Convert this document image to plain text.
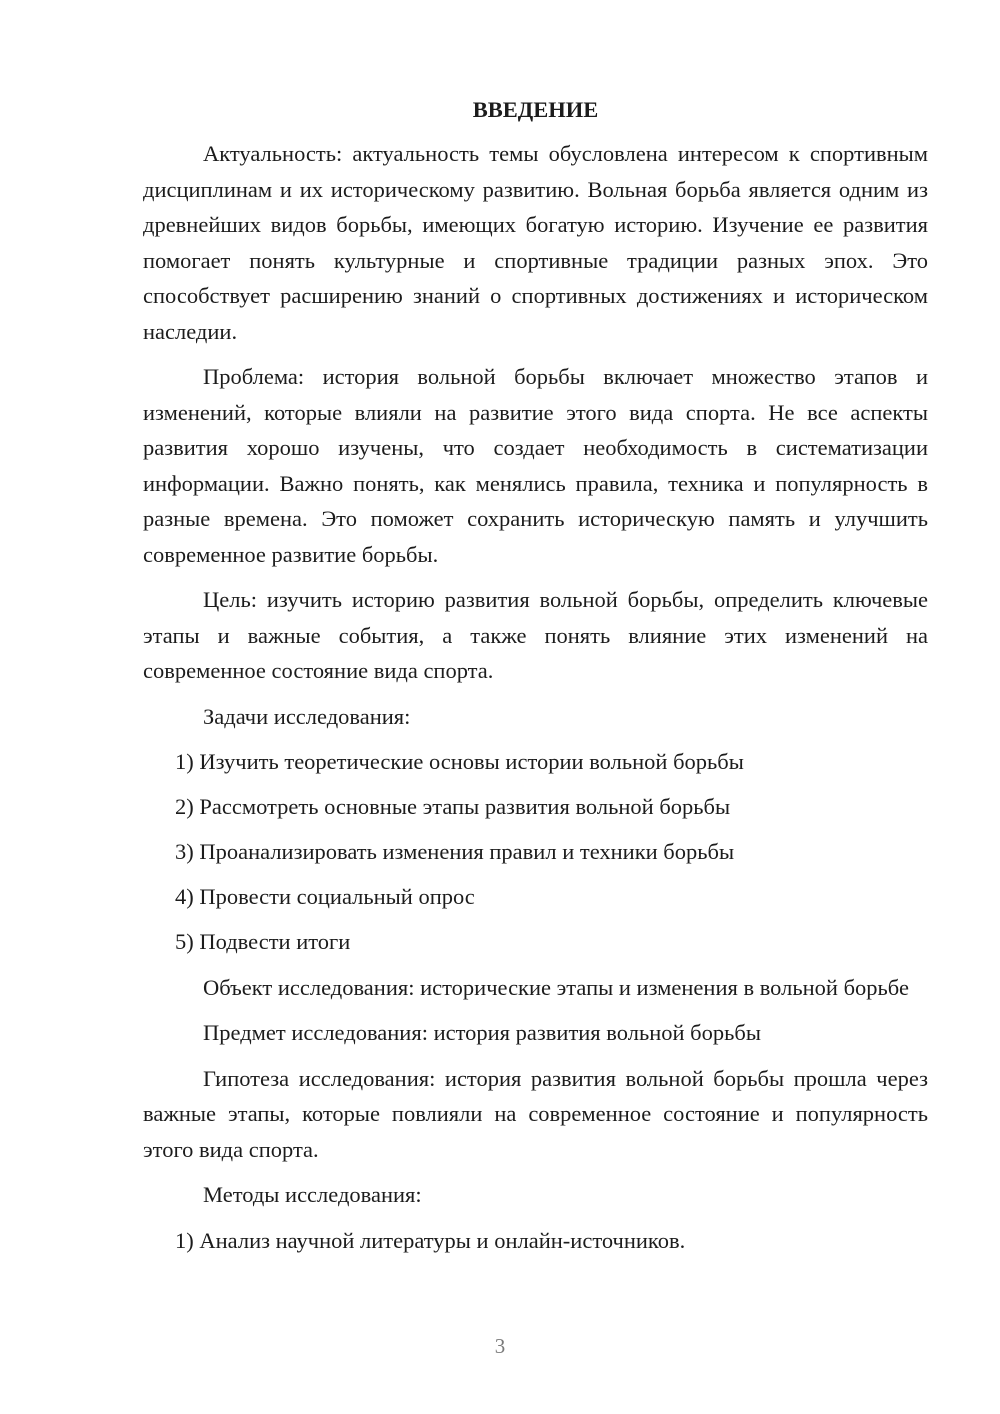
ВВЕДЕНИЕ

Актуальность: актуальность темы обусловлена интересом к спортивным дисциплинам и их историческому развитию. Вольная борьба является одним из древнейших видов борьбы, имеющих богатую историю. Изучение ее развития помогает понять культурные и спортивные традиции разных эпох. Это способствует расширению знаний о спортивных достижениях и историческом наследии.

Проблема: история вольной борьбы включает множество этапов и изменений, которые влияли на развитие этого вида спорта. Не все аспекты развития хорошо изучены, что создает необходимость в систематизации информации. Важно понять, как менялись правила, техника и популярность в разные времена. Это поможет сохранить историческую память и улучшить современное развитие борьбы.

Цель: изучить историю развития вольной борьбы, определить ключевые этапы и важные события, а также понять влияние этих изменений на современное состояние вида спорта.

Задачи исследования:

1) Изучить теоретические основы истории вольной борьбы
2) Рассмотреть основные этапы развития вольной борьбы
3) Проанализировать изменения правил и техники борьбы
4) Провести социальный опрос
5) Подвести итоги

Объект исследования: исторические этапы и изменения в вольной борьбе

Предмет исследования: история развития вольной борьбы

Гипотеза исследования: история развития вольной борьбы прошла через важные этапы, которые повлияли на современное состояние и популярность этого вида спорта.

Методы исследования:

1) Анализ научной литературы и онлайн-источников.
3
